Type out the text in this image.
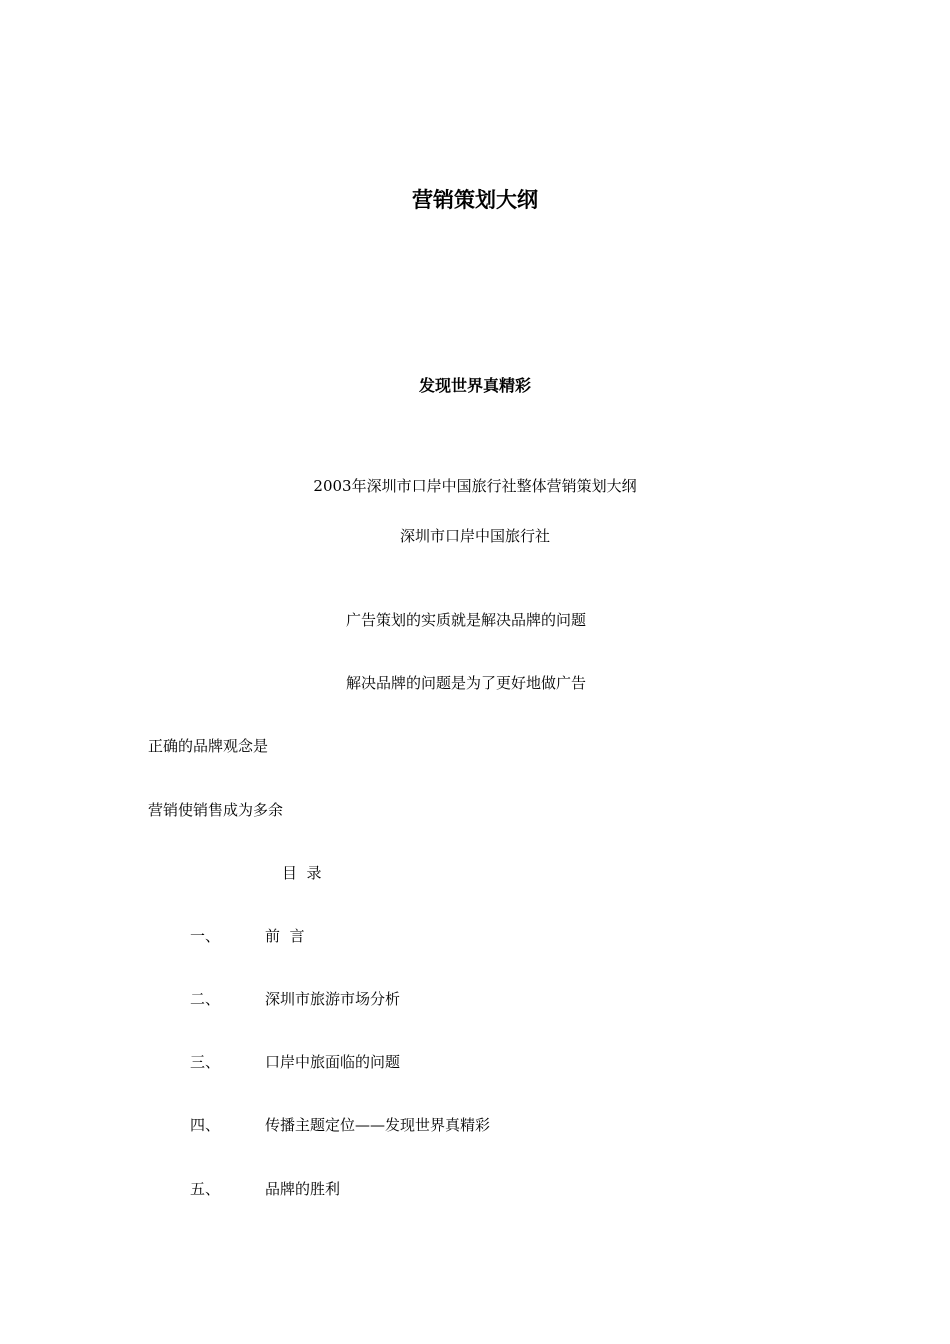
营销策划大纲
发现世界真精彩
2003年深圳市口岸中国旅行社整体营销策划大纲
深圳市口岸中国旅行社
广告策划的实质就是解决品牌的问题
解决品牌的问题是为了更好地做广告
正确的品牌观念是
营销使销售成为多余
目  录
一、	前  言
二、	深圳市旅游市场分析
三、	口岸中旅面临的问题
四、	传播主题定位——发现世界真精彩
五、	品牌的胜利
